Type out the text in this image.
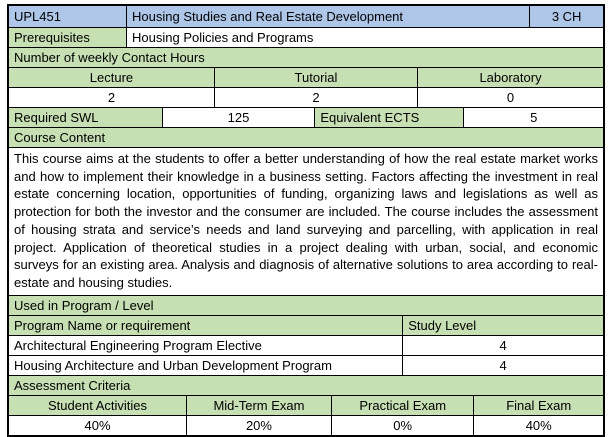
UPL451	Housing Studies and Real Estate Development	3 CH
Prerequisites	Housing Policies and Programs
Number of weekly Contact Hours
Lecture	Tutorial	Laboratory
2	2	0
Required SWL	125	Equivalent ECTS	5
Course Content
This course aims at the students to offer a better understanding of how the real estate market works and how to implement their knowledge in a business setting. Factors affecting the investment in real estate concerning location, opportunities of funding, organizing laws and legislations as well as protection for both the investor and the consumer are included. The course includes the assessment of housing strata and service’s needs and land surveying and parcelling, with application in real project. Application of theoretical studies in a project dealing with urban, social, and economic surveys for an existing area. Analysis and diagnosis of alternative solutions to area according to real-estate and housing studies.
Used in Program / Level
Program Name or requirement	Study Level
Architectural Engineering Program Elective	4
Housing Architecture and Urban Development Program	4
Assessment Criteria
Student Activities	Mid-Term Exam	Practical Exam	Final Exam
40%	20%	0%	40%
